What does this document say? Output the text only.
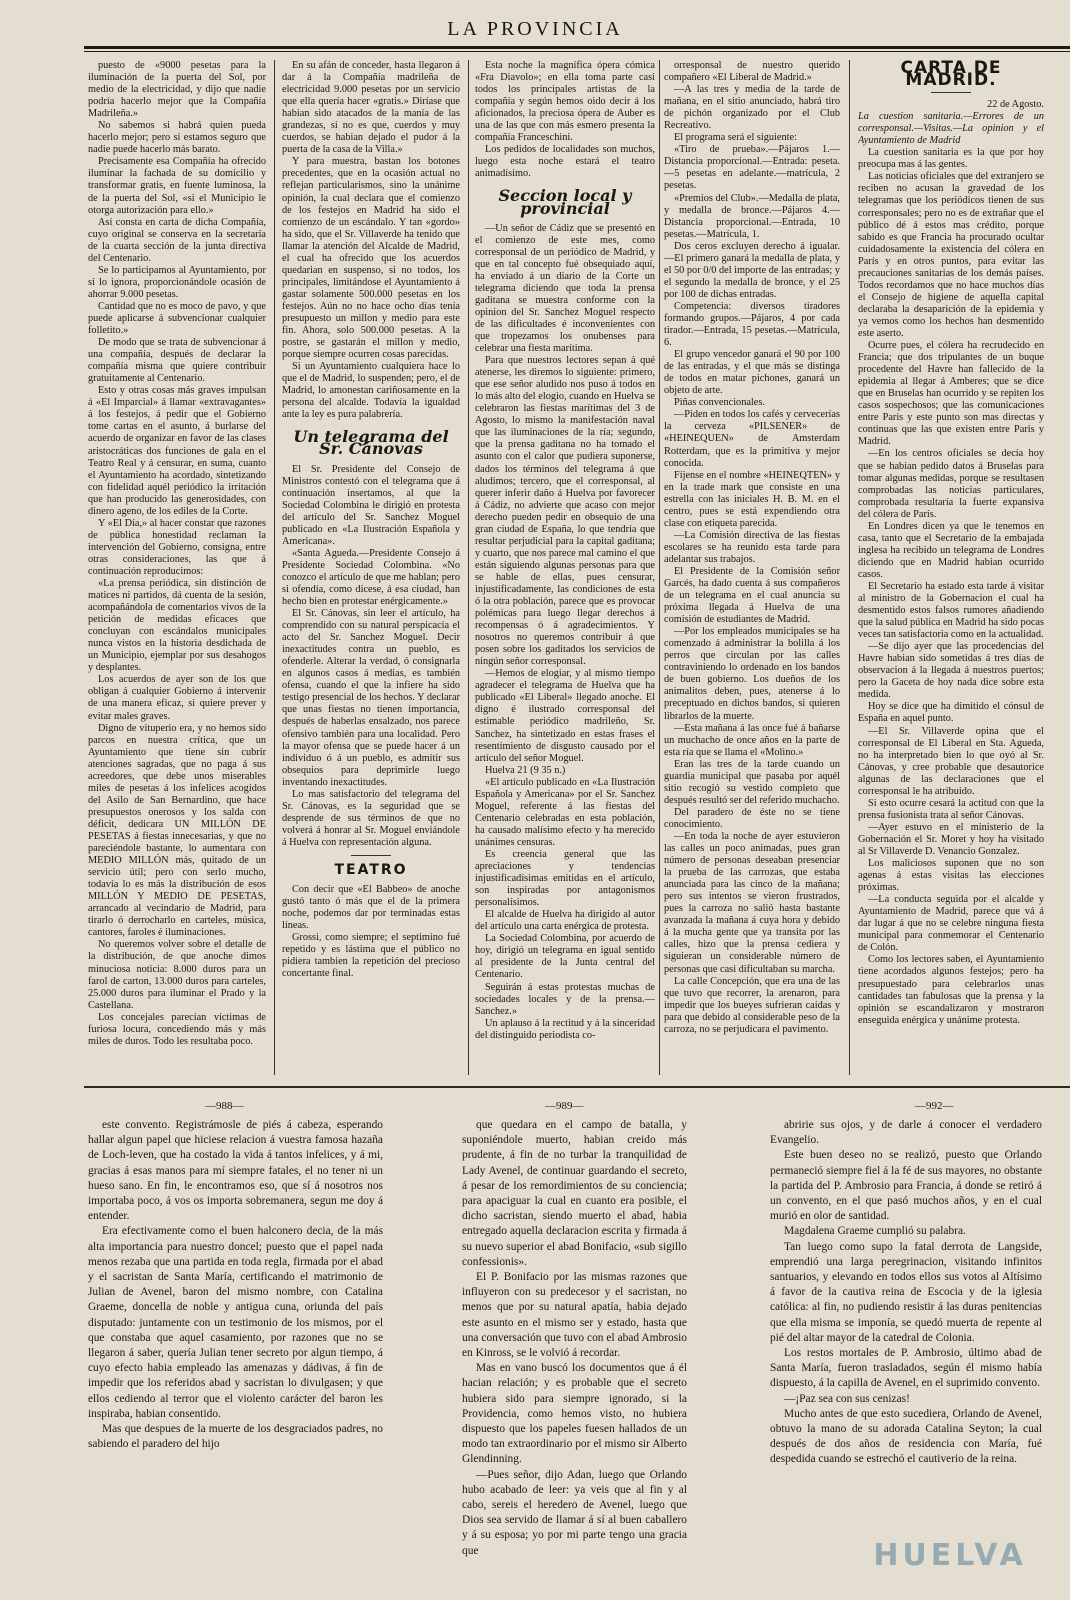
LA PROVINCIA

puesto de «9000 pesetas para la iluminación de la puerta del Sol, por medio de la electricidad, y dijo que nadie podría hacerlo mejor que la Compañía Madrileña.»

No sabemos si habrá quien pueda hacerlo mejor; pero sí estamos seguro que nadie puede hacerlo más barato.

Precisamente esa Compañía ha ofrecido iluminar la fachada de su domicilio y transformar gratis, en fuente luminosa, la de la puerta del Sol, «si el Municipio le otorga autorización para ello.»

Así consta en carta de dicha Compañía, cuyo original se conserva en la secretaría de la cuarta sección de la junta directiva del Centenario.

Se lo participamos al Ayuntamiento, por si lo ignora, proporcionándole ocasión de ahorrar 9.000 pesetas.

Cantidad que no es moco de pavo, y que puede aplicarse á subvencionar cualquier folletito.»

De modo que se trata de subvencionar á una compañía, después de declarar la compañía misma que quiere contribuir gratuitamente al Centenario.

Esto y otras cosas más graves impulsan á «El Imparcial» á llamar «extravagantes» á los festejos, á pedir que el Gobierno tome cartas en el asunto, á burlarse del acuerdo de organizar en favor de las clases aristocráticas dos funciones de gala en el Teatro Real y á censurar, en suma, cuanto el Ayuntamiento ha acordado, sintetizando con fidelidad aquél periódico la irritación que han producido las generosidades, con dinero ageno, de los ediles de la Corte.

Y «El Día,» al hacer constar que razones de pública honestidad reclaman la intervención del Gobierno, consigna, entre otras consideraciones, las que á continuación reproducimos:

«La prensa periódica, sin distinción de matices ni partidos, dá cuenta de la sesión, acompañándola de comentarios vivos de la petición de medidas eficaces que concluyan con escándalos municipales nunca vistos en la historia desdichada de un Municipio, ejemplar por sus desahogos y desplantes.

Los acuerdos de ayer son de los que obligan á cualquier Gobierno á intervenir de una manera eficaz, si quiere prever y evitar males graves.

Digno de vituperio era, y no hemos sido parcos en nuestra crítica, que un Ayuntamiento que tiene sin cubrir atenciones sagradas, que no paga á sus acreedores, que debe unos miserables miles de pesetas á los infelices acogidos del Asilo de San Bernardino, que hace presupuestos onerosos y los salda con déficit, dedicara UN MILLÓN DE PESETAS á fiestas innecesarias, y que no pareciéndole bastante, lo aumentara con MEDIO MILLÓN más, quitado de un servicio útil; pero con serlo mucho, todavía lo es más la distribución de esos MILLÓN Y MEDIO DE PESETAS, arrancado al vecindario de Madrid, para tirarlo ó derrocharlo en carteles, música, cantores, faroles é iluminaciones.

No queremos volver sobre el detalle de la distribución, de que anoche dimos minuciosa noticia: 8.000 duros para un farol de carton, 13.000 duros para carteles, 25.000 duros para iluminar el Prado y la Castellana.

Los concejales parecían víctimas de furiosa locura, concediendo más y más miles de duros. Todo les resultaba poco.

En su afán de conceder, hasta llegaron á dar á la Compañía madrileña de electricidad 9.000 pesetas por un servicio que ella quería hacer «gratis.» Diríase que habian sido atacados de la manía de las grandezas, si no es que, cuerdos y muy cuerdos, se habian dejado el pudor á la puerta de la casa de la Villa.»

Y para muestra, bastan los botones precedentes, que en la ocasión actual no reflejan particularismos, sino la unánime opinión, la cual declara que el comienzo de los festejos en Madrid ha sido el comienzo de un escándalo. Y tan «gordo» ha sido, que el Sr. Villaverde ha tenido que llamar la atención del Alcalde de Madrid, el cual ha ofrecido que los acuerdos quedarian en suspenso, si no todos, los principales, limitándose el Ayuntamiento á gastar solamente 500.000 pesetas en los festejos. Aún no no hace ocho días tenía presupuesto un millon y medio para este fin. Ahora, solo 500.000 pesetas. A la postre, se gastarán el millon y medio, porque siempre ocurren cosas parecidas.

Si un Ayuntamiento cualquiera hace lo que el de Madrid, lo suspenden; pero, el de Madrid, lo amonestan cariñosamente en la persona del alcalde. Todavía la igualdad ante la ley es pura palabrería.

Un telegrama del Sr. Cánovas

El Sr. Presidente del Consejo de Ministros contestó con el telegrama que á continuación insertamos, al que la Sociedad Colombina le dirigió en protesta del artículo del Sr. Sanchez Moguel publicado en «La Ilustración Española y Americana».

«Santa Agueda.—Presidente Consejo á Presidente Sociedad Colombina. «No conozco el artículo de que me hablan; pero si ofendía, como dicese, á esa ciudad, han hecho bien en protestar enérgicamente.»

El Sr. Cánovas, sin leer el artículo, ha comprendido con su natural perspicacia el acto del Sr. Sanchez Moguel. Decir inexactitudes contra un pueblo, es ofenderle. Alterar la verdad, ó consignarla en algunos casos á medias, es también ofensa, cuando el que la infiere ha sido testigo presencial de los hechos. Y declarar que unas fiestas no tienen importancia, después de haberlas ensalzado, nos parece ofensivo también para una localidad. Pero la mayor ofensa que se puede hacer á un individuo ó á un pueblo, es admitir sus obsequios para deprimirle luego inventando inexactitudes.

Lo mas satisfactorio del telegrama del Sr. Cánovas, es la seguridad que se desprende de sus términos de que no volverá á honrar al Sr. Moguel enviándole á Huelva con representación alguna.

TEATRO

Con decir que «El Babbeo» de anoche gustó tanto ó más que el de la primera noche, podemos dar por terminadas estas líneas.

Grossi, como siempre; el septimino fué repetido y es lástima que el público no pidiera tambien la repetición del precioso concertante final.

Esta noche la magnífica ópera cómica «Fra Diavolo»; en ella toma parte casi todos los principales artistas de la compañía y según hemos oido decir á los aficionados, la preciosa ópera de Auber es una de las que con más esmero presenta la compañía Franceschini.

Los pedidos de localidades son muchos, luego esta noche estará el teatro animadísimo.

Seccion local y provincial

—Un señor de Cádiz que se presentó en el comienzo de este mes, como corresponsal de un periódico de Madrid, y que en tal concepto fué obsequiado aquí, ha enviado á un diario de la Corte un telegrama diciendo que toda la prensa gaditana se muestra conforme con la opinion del Sr. Sanchez Moguel respecto de las dificultades é inconvenientes con que tropezamos los onubenses para celebrar una fiesta marítima.

Para que nuestros lectores sepan á qué atenerse, les diremos lo siguiente: primero, que ese señor aludido nos puso á todos en lo más alto del elogio, cuando en Huelva se celebraron las fiestas marítimas del 3 de Agosto, lo mismo la manifestación naval que las iluminaciones de la ría; segundo, que la prensa gaditana no ha tomado el asunto con el calor que pudiera suponerse, dados los términos del telegrama á que aludimos; tercero, que el corresponsal, al querer inferir daño á Huelva por favorecer á Cádiz, no advierte que acaso con mejor derecho pueden pedir en obsequio de una gran ciudad de España, lo que tendría que resultar perjudicial para la capital gaditana; y cuarto, que nos parece mal camino el que están siguiendo algunas personas para que se hable de ellas, pues censurar, injustificadamente, las condiciones de esta ó la otra población, parece que es provocar polémicas para luego llegar derechos á recompensas ó á agradecimientos. Y nosotros no queremos contribuir á que posen sobre los gaditados los servicios de ningún señor corresponsal.

—Hemos de elogiar, y al mismo tiempo agradecer el telegrama de Huelva que ha publicado «El Liberal» llegado anoche. El digno é ilustrado corresponsal del estimable periódico madrileño, Sr. Sanchez, ha sintetizado en estas frases el resentimiento de disgusto causado por el artículo del señor Moguel.

Huelva 21 (9 35 n.)

«El artículo publicado en «La Ilustración Española y Americana» por el Sr. Sanchez Moguel, referente á las fiestas del Centenario celebradas en esta población, ha causado malísimo efecto y ha merecido unánimes censuras.

Es creencia general que las apreciaciones y tendencias injustificadísimas emitidas en el artículo, son inspiradas por antagonismos personalísimos.

El alcalde de Huelva ha dirigido al autor del artículo una carta enérgica de protesta.

La Sociedad Colombina, por acuerdo de hoy, dirigió un telegrama en igual sentido al presidente de la Junta central del Centenario.

Seguirán á estas protestas muchas de sociedades locales y de la prensa.—Sanchez.»

Un aplauso á la rectitud y á la sinceridad del distinguido periodista co-

orresponsal de nuestro querido compañero «El Liberal de Madrid.»

—A las tres y media de la tarde de mañana, en el sitio anunciado, habrá tiro de pichón organizado por el Club Recreativo.

El programa será el siguiente:

«Tiro de prueba».—Pájaros 1.—Distancia proporcional.—Entrada: peseta.—5 pesetas en adelante.—matrícula, 2 pesetas.

«Premios del Club».—Medalla de plata, y medalla de bronce.—Pájaros 4.—Distancia proporcional.—Entrada, 10 pesetas.—Matrícula, 1.

Dos ceros excluyen derecho á igualar.—El primero ganará la medalla de plata, y el 50 por 0/0 del importe de las entradas; y el segundo la medalla de bronce, y el 25 por 100 de dichas entradas.

Competencia: diversos tiradores formando grupos.—Pájaros, 4 por cada tirador.—Entrada, 15 pesetas.—Matrícula, 6.

El grupo vencedor ganará el 90 por 100 de las entradas, y el que más se distinga de todos en matar pichones, ganará un objeto de arte.

Piñas convencionales.

—Piden en todos los cafés y cervecerías la cerveza «PILSENER» de «HEINEQUEN» de Amsterdam Rotterdam, que es la primitiva y mejor conocida.

Fíjense en el nombre «HEINEQTEN» y en la trade mark que consiste en una estrella con las iniciales H. B. M. en el centro, pues se está expendiendo otra clase con etiqueta parecida.

—La Comisión directiva de las fiestas escolares se ha reunido esta tarde para adelantar sus trabajos.

El Presidente de la Comisión señor Garcés, ha dado cuenta á sus compañeros de un telegrama en el cual anuncia su próxima llegada á Huelva de una comisión de estudiantes de Madrid.

—Por los empleados municipales se ha comenzado á administrar la bolilla á los perros que circulan por las calles contraviniendo lo ordenado en los bandos de buen gobierno. Los dueños de los animalitos deben, pues, atenerse á lo preceptuado en dichos bandos, si quieren librarlos de la muerte.

—Esta mañana á las once fué á bañarse un muchacho de once años en la parte de esta ría que se llama el «Molino.»

Eran las tres de la tarde cuando un guardia municipal que pasaba por aquél sitio recogió su vestido completo que después resultó ser del referido muchacho.

Del paradero de éste no se tiene conocimiento.

—En toda la noche de ayer estuvieron las calles un poco animadas, pues gran número de personas deseaban presenciar la prueba de las carrozas, que estaba anunciada para las cinco de la mañana; pero sus intentos se vieron frustrados, pues la carroza no salió hasta bastante avanzada la mañana á cuya hora y debido á la mucha gente que ya transita por las calles, hizo que la prensa cediera y siguieran un considerable número de personas que casi dificultaban su marcha.

La calle Concepción, que era una de las que tuvo que recorrer, la arenaron, para impedir que los bueyes sufrieran caídas y para que debido al considerable peso de la carroza, no se perjudicara el pavimento.

CARTA DE MADRID.

22 de Agosto.

La cuestion sanitaria.—Errores de un corresponsal.—Visitas.—La opinion y el Ayuntamiento de Madrid

La cuestion sanitaria es la que por hoy preocupa mas á las gentes.

Las noticias oficiales que del extranjero se reciben no acusan la gravedad de los telegramas que los periódicos tienen de sus corresponsales; pero no es de extrañar que el público dé á estos mas crédito, porque sabido es que Francia ha procurado ocultar cuidadosamente la existencia del cólera en París y en otros puntos, para evitar las precauciones sanitarias de los demás países. Todos recordamos que no hace muchos días el Consejo de higiene de aquella capital declaraba la desaparición de la epidemia y ya vemos como los hechos han desmentido este aserto.

Ocurre pues, el cólera ha recrudecido en Francia; que dos tripulantes de un buque procedente del Havre han fallecido de la epidemia al llegar á Amberes; que se dice que en Bruselas han ocurrido y se repiten los casos sospechosos; que las comunicaciones entre Paris y este punto son mas directas y continuas que las que existen entre Paris y Madrid.

—En los centros oficiales se decía hoy que se habian pedido datos á Bruselas para tomar algunas medidas, porque se resultasen comprobadas las noticias particulares, comprobada resultaría la fuerte expansiva del cólera de París.

En Londres dicen ya que le tenemos en casa, tanto que el Secretario de la embajada inglesa ha recibido un telegrama de Londres diciendo que en Madrid habian ocurrido casos.

El Secretario ha estado esta tarde á visitar al ministro de la Gobernacion el cual ha desmentido estos falsos rumores añadiendo que la salud pública en Madrid ha sido pocas veces tan satisfactoria como en la actualidad.

—Se dijo ayer que las procedencias del Havre habian sido sometidas á tres días de observacion á la llegada á nuestros puertos; pero la Gaceta de hoy nada dice sobre esta medida.

Hoy se dice que ha dimitido el cónsul de España en aquel punto.

—El Sr. Villaverde opina que el corresponsal de El Liberal en Sta. Agueda, no ha interpretado bien lo que oyó al Sr. Cánovas, y cree probable que desautorice algunas de las declaraciones que el corresponsal le ha atribuido.

Si esto ocurre cesará la actitud con que la prensa fusionista trata al señor Cánovas.

—Ayer estuvo en el ministerio de la Gobernación el Sr. Moret y hoy ha visitado al Sr Villaverde D. Venancio Gonzalez.

Los maliciosos suponen que no son agenas á estas visitas las elecciones próximas.

—La conducta seguida por el alcalde y Ayuntamiento de Madrid, parece que vá á dar lugar á que no se celebre ninguna fiesta municipal para conmemorar el Centenario de Colón.

Como los lectores saben, el Ayuntamiento tiene acordados algunos festejos; pero ha presupuestado para celebrarlos unas cantidades tan fabulosas que la prensa y la opinión se escandalizaron y mostraron enseguida enérgica y unánime protesta.

—988—	—989—	—992—

este convento. Registrámosle de piés á cabeza, esperando hallar algun papel que hiciese relacion á vuestra famosa hazaña de Loch-leven, que ha costado la vida á tantos infelices, y á mi, gracias á esas manos para mí siempre fatales, el no tener ni un hueso sano. En fin, le encontramos eso, que sí á nosotros nos importaba poco, á vos os importa sobremanera, segun me doy á entender.

Era efectivamente como el buen halconero decia, de la más alta importancia para nuestro doncel; puesto que el papel nada menos rezaba que una partida en toda regla, firmada por el abad y el sacristan de Santa María, certificando el matrimonio de Julian de Avenel, baron del mismo nombre, con Catalina Graeme, doncella de noble y antigua cuna, oriunda del país disputado: juntamente con un testimonio de los mismos, por el que constaba que aquel casamiento, por razones que no se llegaron á saber, quería Julian tener secreto por algun tiempo, á cuyo efecto habia empleado las amenazas y dádivas, á fin de impedir que los referidos abad y sacristan lo divulgasen; y que ellos cediendo al terror que el violento carácter del baron les inspiraba, habian consentido.

Mas que despues de la muerte de los desgraciados padres, no sabiendo el paradero del hijo

que quedara en el campo de batalla, y suponiéndole muerto, habian creido más prudente, á fin de no turbar la tranquilidad de Lady Avenel, de continuar guardando el secreto, á pesar de los remordimientos de su conciencia; para apaciguar la cual en cuanto era posible, el dicho sacristan, siendo muerto el abad, habia entregado aquella declaracion escrita y firmada á su nuevo superior el abad Bonifacio, «sub sigillo confessionis».

El P. Bonifacio por las mismas razones que influyeron con su predecesor y el sacristan, no menos que por su natural apatía, habia dejado este asunto en el mismo ser y estado, hasta que una conversación que tuvo con el abad Ambrosio en Kinross, se le volvió á recordar.

Mas en vano buscó los documentos que á él hacian relación; y es probable que el secreto hubiera sido para siempre ignorado, si la Providencia, como hemos visto, no hubiera dispuesto que los papeles fuesen hallados de un modo tan extraordinario por el mismo sir Alberto Glendinning.

—Pues señor, dijo Adan, luego que Orlando hubo acabado de leer: ya veis que al fin y al cabo, sereis el heredero de Avenel, luego que Dios sea servido de llamar á sí al buen caballero y á su esposa; yo por mi parte tengo una gracia que

abririe sus ojos, y de darle á conocer el verdadero Evangelio.

Este buen deseo no se realizó, puesto que Orlando permaneció siempre fiel á la fé de sus mayores, no obstante la partida del P. Ambrosio para Francia, á donde se retiró á un convento, en el que pasó muchos años, y en el cual murió en olor de santidad.

Magdalena Graeme cumplió su palabra.

Tan luego como supo la fatal derrota de Langside, emprendió una larga peregrinacion, visitando infinitos santuarios, y elevando en todos ellos sus votos al Altísimo á favor de la cautiva reina de Escocia y de la iglesia católica: al fin, no pudiendo resistir á las duras penitencias que ella misma se imponía, se quedó muerta de repente al pié del altar mayor de la catedral de Colonia.

Los restos mortales de P. Ambrosio, último abad de Santa María, fueron trasladados, según él mismo había dispuesto, á la capilla de Avenel, en el suprimido convento.

—¡Paz sea con sus cenizas!

Mucho antes de que esto sucediera, Orlando de Avenel, obtuvo la mano de su adorada Catalina Seyton; la cual después de dos años de residencia con María, fué despedida cuando se estrechó el cautiverio de la reina.

HUELVA
